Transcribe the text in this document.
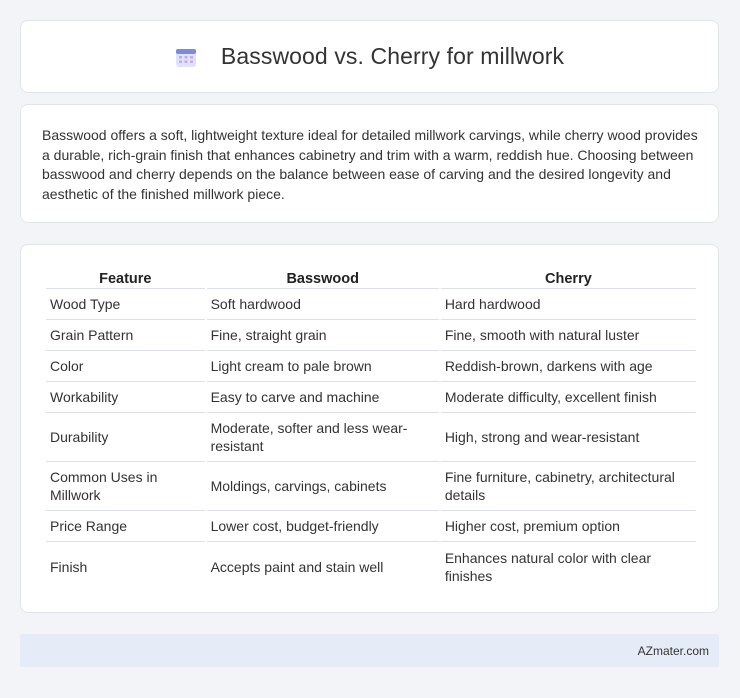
Basswood vs. Cherry for millwork

Basswood offers a soft, lightweight texture ideal for detailed millwork carvings, while cherry wood provides a durable, rich-grain finish that enhances cabinetry and trim with a warm, reddish hue. Choosing between basswood and cherry depends on the balance between ease of carving and the desired longevity and aesthetic of the finished millwork piece.

Feature	Basswood	Cherry
Wood Type	Soft hardwood	Hard hardwood
Grain Pattern	Fine, straight grain	Fine, smooth with natural luster
Color	Light cream to pale brown	Reddish-brown, darkens with age
Workability	Easy to carve and machine	Moderate difficulty, excellent finish
Durability	Moderate, softer and less wear-resistant	High, strong and wear-resistant
Common Uses in Millwork	Moldings, carvings, cabinets	Fine furniture, cabinetry, architectural details
Price Range	Lower cost, budget-friendly	Higher cost, premium option
Finish	Accepts paint and stain well	Enhances natural color with clear finishes
AZmater.com
